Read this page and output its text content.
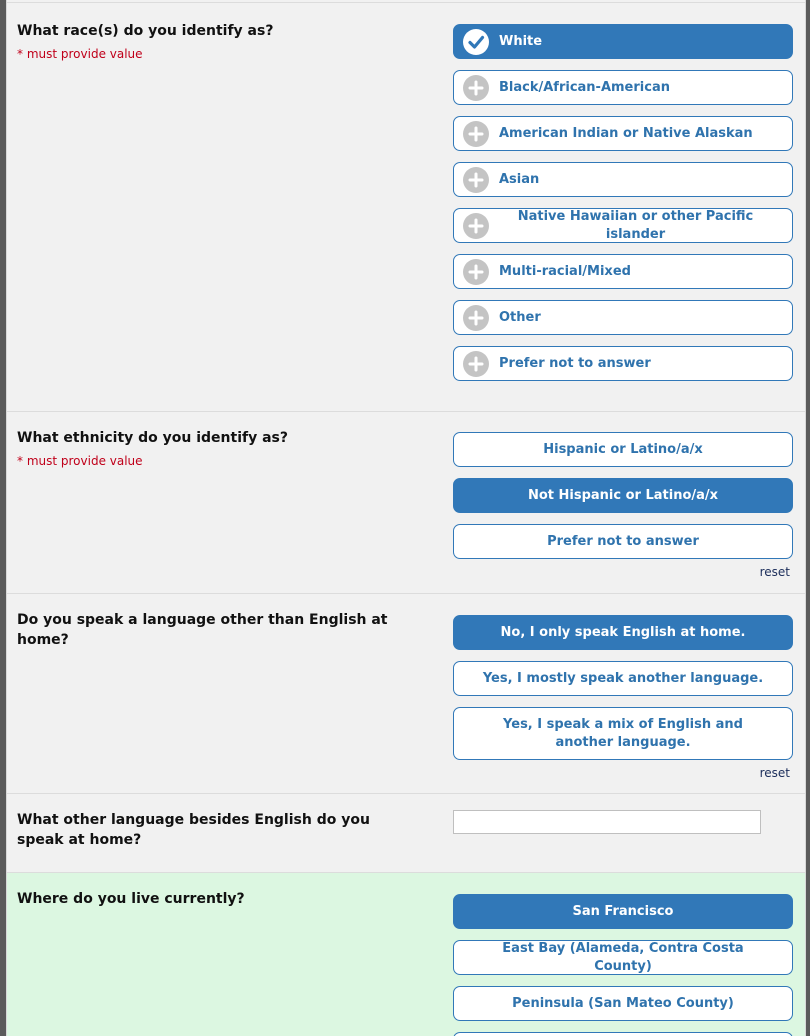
What race(s) do you identify as?
* must provide value
White
Black/African-American
American Indian or Native Alaskan
Asian
Native Hawaiian or other Pacific islander
Multi-racial/Mixed
Other
Prefer not to answer
What ethnicity do you identify as?
* must provide value
Hispanic or Latino/a/x
Not Hispanic or Latino/a/x
Prefer not to answer
reset
Do you speak a language other than English at home?	No, I only speak English at home.
Yes, I mostly speak another language.
Yes, I speak a mix of English and another language.
reset
What other language besides English do you speak at home?
Where do you live currently?
San Francisco
East Bay (Alameda, Contra Costa County)
Peninsula (San Mateo County)
